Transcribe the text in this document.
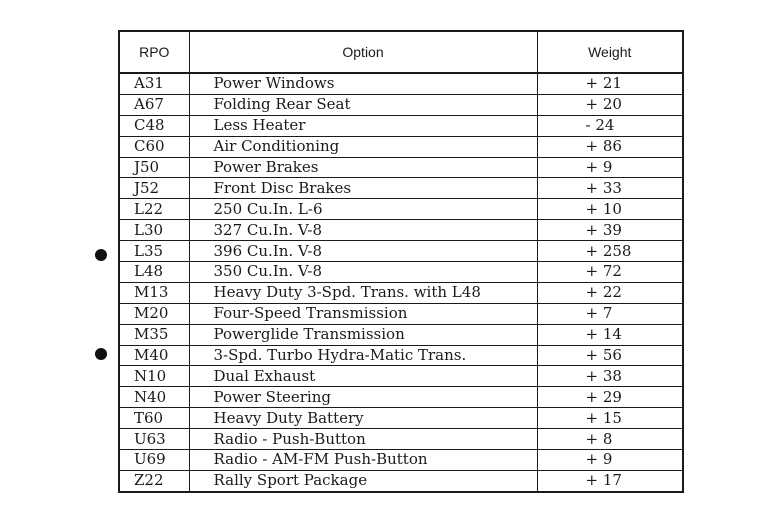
RPO	Option	Weight
A31	Power Windows	+ 21
A67	Folding Rear Seat	+ 20
C48	Less Heater	- 24
C60	Air Conditioning	+ 86
J50	Power Brakes	+ 9
J52	Front Disc Brakes	+ 33
L22	250 Cu.In. L-6	+ 10
L30	327 Cu.In. V-8	+ 39
L35	396 Cu.In. V-8	+ 258
L48	350 Cu.In. V-8	+ 72
M13	Heavy Duty 3-Spd. Trans. with L48	+ 22
M20	Four-Speed Transmission	+ 7
M35	Powerglide Transmission	+ 14
M40	3-Spd. Turbo Hydra-Matic Trans.	+ 56
N10	Dual Exhaust	+ 38
N40	Power Steering	+ 29
T60	Heavy Duty Battery	+ 15
U63	Radio - Push-Button	+ 8
U69	Radio - AM-FM Push-Button	+ 9
Z22	Rally Sport Package	+ 17
